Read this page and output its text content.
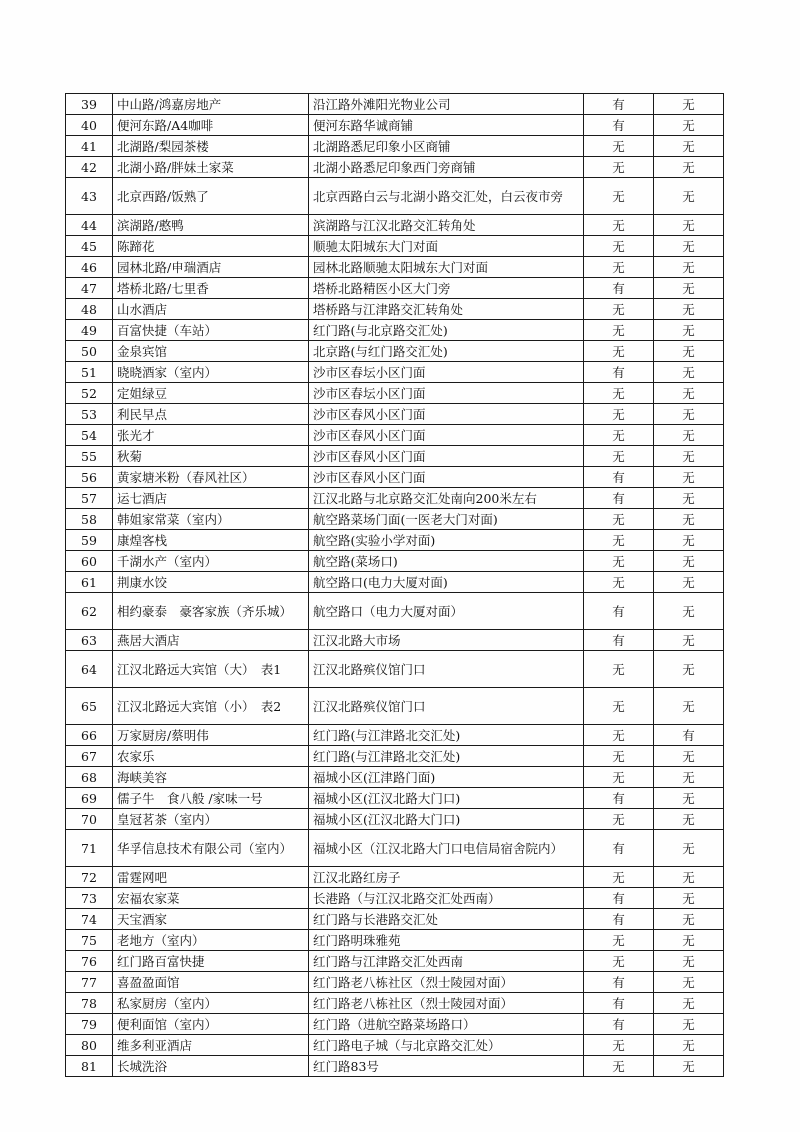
39	中山路/鸿嘉房地产	沿江路外滩阳光物业公司	有	无
40	便河东路/A4咖啡	便河东路华诚商铺	有	无
41	北湖路/梨园茶楼	北湖路悉尼印象小区商铺	无	无
42	北湖小路/胖妹土家菜	北湖小路悉尼印象西门旁商铺	无	无
43	北京西路/饭熟了	北京西路白云与北湖小路交汇处，白云夜市旁	无	无
44	滨湖路/憨鸭	滨湖路与江汉北路交汇转角处	无	无
45	陈蹄花	顺驰太阳城东大门对面	无	无
46	园林北路/申瑞酒店	园林北路顺驰太阳城东大门对面	无	无
47	塔桥北路/七里香	塔桥北路精医小区大门旁	有	无
48	山水酒店	塔桥路与江津路交汇转角处	无	无
49	百富快捷（车站）	红门路(与北京路交汇处)	无	无
50	金泉宾馆	北京路(与红门路交汇处)	无	无
51	晓晓酒家（室内）	沙市区春坛小区门面	有	无
52	定姐绿豆	沙市区春坛小区门面	无	无
53	利民早点	沙市区春风小区门面	无	无
54	张光才	沙市区春风小区门面	无	无
55	秋菊	沙市区春风小区门面	无	无
56	黄家塘米粉（春风社区）	沙市区春风小区门面	有	无
57	运七酒店	江汉北路与北京路交汇处南向200米左右	有	无
58	韩姐家常菜（室内）	航空路菜场门面(一医老大门对面)	无	无
59	康煌客栈	航空路(实验小学对面)	无	无
60	千湖水产（室内）	航空路(菜场口)	无	无
61	荆康水饺	航空路口(电力大厦对面)	无	无
62	相约豪泰　豪客家族（齐乐城）	航空路口（电力大厦对面）	有	无
63	燕居大酒店	江汉北路大市场	有	无
64	江汉北路远大宾馆（大）　表1	江汉北路殡仪馆门口	无	无
65	江汉北路远大宾馆（小）　表2	江汉北路殡仪馆门口	无	无
66	万家厨房/蔡明伟	红门路(与江津路北交汇处)	无	有
67	农家乐	红门路(与江津路北交汇处)	无	无
68	海峡美容	福城小区(江津路门面)	无	无
69	儒子牛　食八般 /家味一号	福城小区(江汉北路大门口)	有	无
70	皇冠茗茶（室内）	福城小区(江汉北路大门口)	无	无
71	华孚信息技术有限公司（室内）	福城小区（江汉北路大门口电信局宿舍院内）	有	无
72	雷霆网吧	江汉北路红房子	无	无
73	宏福农家菜	长港路（与江汉北路交汇处西南）	有	无
74	天宝酒家	红门路与长港路交汇处	有	无
75	老地方（室内）	红门路明珠雅苑	无	无
76	红门路百富快捷	红门路与江津路交汇处西南	无	无
77	喜盈盈面馆	红门路老八栋社区（烈士陵园对面）	有	无
78	私家厨房（室内）	红门路老八栋社区（烈士陵园对面）	有	无
79	便利面馆（室内）	红门路（进航空路菜场路口）	有	无
80	维多利亚酒店	红门路电子城（与北京路交汇处）	无	无
81	长城洗浴	红门路83号	无	无
